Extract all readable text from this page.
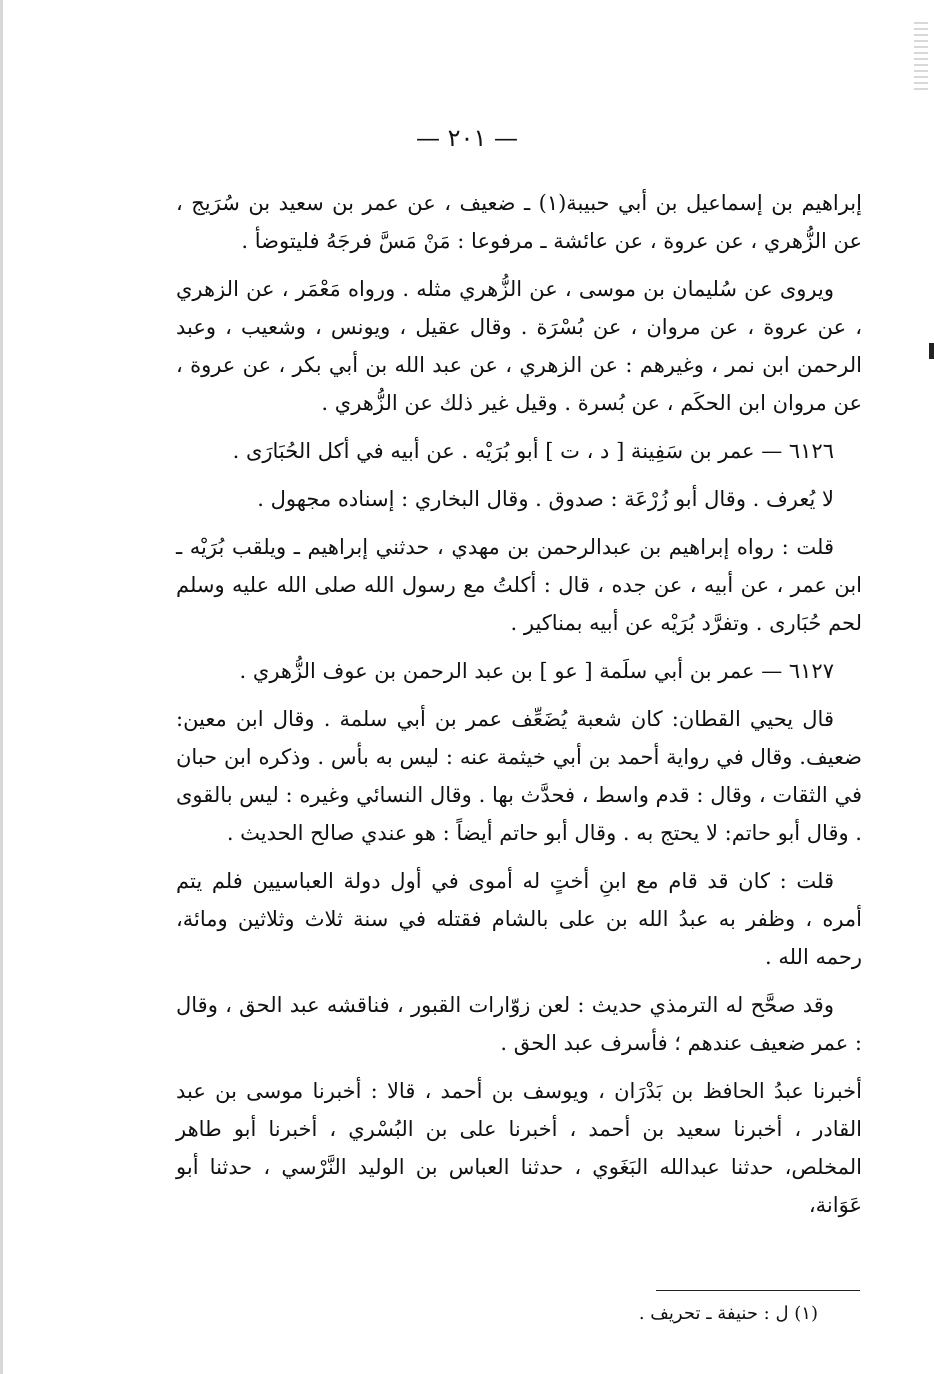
— ٢٠١ —

إبراهيم بن إسماعيل بن أبي حبيبة(١) ـ ضعيف ، عن عمر بن سعيد بن سُرَيج ، عن الزُّهري ، عن عروة ، عن عائشة ـ مرفوعا : مَنْ مَسَّ فرجَهُ فليتوضأ .

ويروى عن سُليمان بن موسى ، عن الزُّهري مثله . ورواه مَعْمَر ، عن الزهري ، عن عروة ، عن مروان ، عن بُسْرَة . وقال عقيل ، ويونس ، وشعيب ، وعبد الرحمن ابن نمر ، وغيرهم : عن الزهري ، عن عبد الله بن أبي بكر ، عن عروة ، عن مروان ابن الحكَم ، عن بُسرة . وقيل غير ذلك عن الزُّهري .

٦١٢٦ — عمر بن سَفِينة [ د ، ت ] أبو بُرَيْه . عن أبيه في أكل الحُبَارَى .

لا يُعرف . وقال أبو زُرْعَة : صدوق . وقال البخاري : إسناده مجهول .

قلت : رواه إبراهيم بن عبدالرحمن بن مهدي ، حدثني إبراهيم ـ ويلقب بُرَيْه ـ ابن عمر ، عن أبيه ، عن جده ، قال : أكلتُ مع رسول الله صلى الله عليه وسلم لحم حُبَارى . وتفرَّد بُرَيْه عن أبيه بمناكير .

٦١٢٧ — عمر بن أبي سلَمة [ عو ] بن عبد الرحمن بن عوف الزُّهري .

قال يحيي القطان: كان شعبة يُضَعِّف عمر بن أبي سلمة . وقال ابن معين: ضعيف. وقال في رواية أحمد بن أبي خيثمة عنه : ليس به بأس . وذكره ابن حبان في الثقات ، وقال : قدم واسط ، فحدَّث بها . وقال النسائي وغيره : ليس بالقوى . وقال أبو حاتم: لا يحتج به . وقال أبو حاتم أيضاً : هو عندي صالح الحديث .

قلت : كان قد قام مع ابنِ أختٍ له أموى في أول دولة العباسيين فلم يتم أمره ، وظفر به عبدُ الله بن على بالشام فقتله في سنة ثلاث وثلاثين ومائة، رحمه الله .

وقد صحَّح له الترمذي حديث : لعن زوّارات القبور ، فناقشه عبد الحق ، وقال : عمر ضعيف عندهم ؛ فأسرف عبد الحق .

أخبرنا عبدُ الحافظ بن بَدْرَان ، ويوسف بن أحمد ، قالا : أخبرنا موسى بن عبد القادر ، أخبرنا سعيد بن أحمد ، أخبرنا على بن البُسْري ، أخبرنا أبو طاهر المخلص، حدثنا عبدالله البَغَوي ، حدثنا العباس بن الوليد النَّرْسي ، حدثنا أبو عَوَانة،

(١) ل : حنيفة ـ تحريف .
